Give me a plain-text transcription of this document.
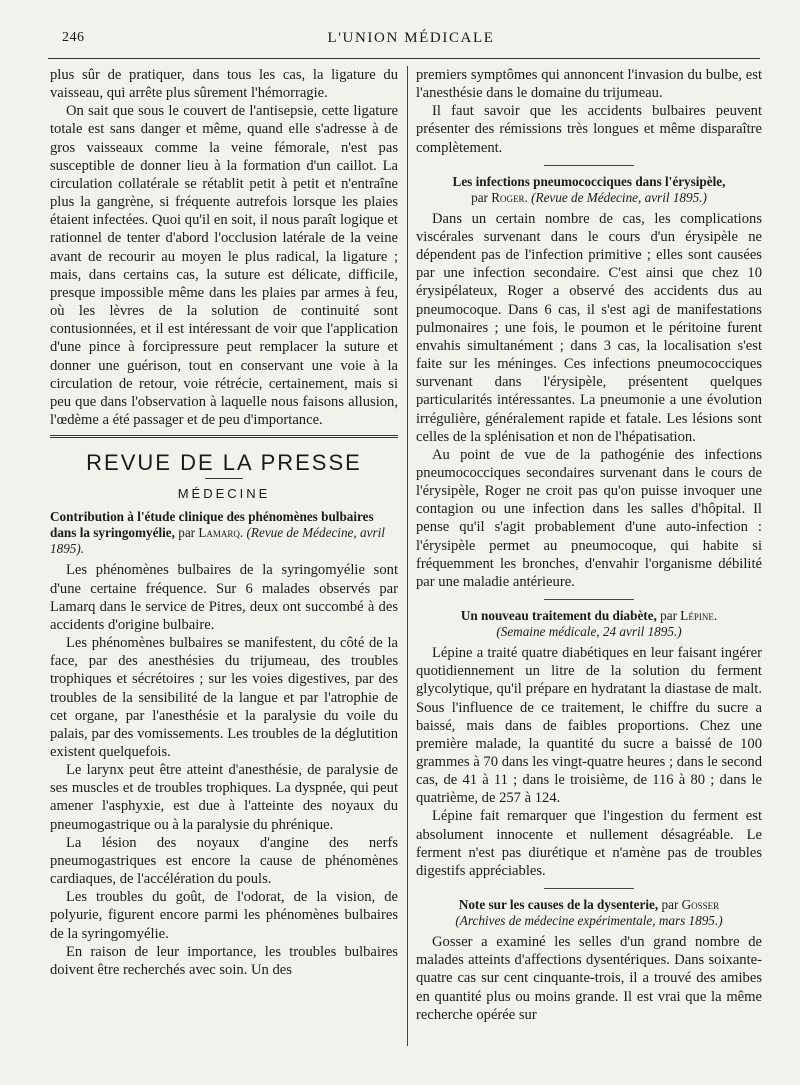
246	L'UNION MÉDICALE

plus sûr de pratiquer, dans tous les cas, la ligature du vaisseau, qui arrête plus sûrement l'hémorragie.

On sait que sous le couvert de l'antisepsie, cette ligature totale est sans danger et même, quand elle s'adresse à de gros vaisseaux comme la veine fémorale, n'est pas susceptible de donner lieu à la formation d'un caillot. La circulation collatérale se rétablit petit à petit et n'entraîne plus la gangrène, si fréquente autrefois lorsque les plaies étaient infectées. Quoi qu'il en soit, il nous paraît logique et rationnel de tenter d'abord l'occlusion latérale de la veine avant de recourir au moyen le plus radical, la ligature ; mais, dans certains cas, la suture est délicate, difficile, presque impossible même dans les plaies par armes à feu, où les lèvres de la solution de continuité sont contusionnées, et il est intéressant de voir que l'application d'une pince à forcipressure peut remplacer la suture et donner une guérison, tout en conservant une voie à la circulation de retour, voie rétrécie, certainement, mais si peu que dans l'observation à laquelle nous faisons allusion, l'œdème a été passager et de peu d'importance.

REVUE DE LA PRESSE
MÉDECINE
Contribution à l'étude clinique des phénomènes bulbaires dans la syringomyélie, par Lamarq. (Revue de Médecine, avril 1895).

Les phénomènes bulbaires de la syringomyélie sont d'une certaine fréquence. Sur 6 malades observés par Lamarq dans le service de Pitres, deux ont succombé à des accidents d'origine bulbaire.

Les phénomènes bulbaires se manifestent, du côté de la face, par des anesthésies du trijumeau, des troubles trophiques et sécrétoires ; sur les voies digestives, par des troubles de la sensibilité de la langue et par l'atrophie de cet organe, par l'anesthésie et la paralysie du voile du palais, par des vomissements. Les troubles de la déglutition existent quelquefois.

Le larynx peut être atteint d'anesthésie, de paralysie de ses muscles et de troubles trophiques. La dyspnée, qui peut amener l'asphyxie, est due à l'atteinte des noyaux du pneumogastrique ou à la paralysie du phrénique.

La lésion des noyaux d'angine des nerfs pneumogastriques est encore la cause de phénomènes cardiaques, de l'accélération du pouls.

Les troubles du goût, de l'odorat, de la vision, de polyurie, figurent encore parmi les phénomènes bulbaires de la syringomyélie.

En raison de leur importance, les troubles bulbaires doivent être recherchés avec soin. Un des

premiers symptômes qui annoncent l'invasion du bulbe, est l'anesthésie dans le domaine du trijumeau.

Il faut savoir que les accidents bulbaires peuvent présenter des rémissions très longues et même disparaître complètement.

Les infections pneumococciques dans l'érysipèle,
par Roger. (Revue de Médecine, avril 1895.)

Dans un certain nombre de cas, les complications viscérales survenant dans le cours d'un érysipèle ne dépendent pas de l'infection primitive ; elles sont causées par une infection secondaire. C'est ainsi que chez 10 érysipélateux, Roger a observé des accidents dus au pneumocoque. Dans 6 cas, il s'est agi de manifestations pulmonaires ; une fois, le poumon et le péritoine furent envahis simultanément ; dans 3 cas, la localisation s'est faite sur les méninges. Ces infections pneumococciques survenant dans l'érysipèle, présentent quelques particularités intéressantes. La pneumonie a une évolution irrégulière, généralement rapide et fatale. Les lésions sont celles de la splénisation et non de l'hépatisation.

Au point de vue de la pathogénie des infections pneumococciques secondaires survenant dans le cours de l'érysipèle, Roger ne croit pas qu'on puisse invoquer une contagion ou une infection dans les salles d'hôpital. Il pense qu'il s'agit probablement d'une auto-infection : l'érysipèle permet au pneumocoque, qui habite si fréquemment les bronches, d'envahir l'organisme débilité par une maladie antérieure.

Un nouveau traitement du diabète, par Lépine.
(Semaine médicale, 24 avril 1895.)

Lépine a traité quatre diabétiques en leur faisant ingérer quotidiennement un litre de la solution du ferment glycolytique, qu'il prépare en hydratant la diastase de malt. Sous l'influence de ce traitement, le chiffre du sucre a baissé, mais dans de faibles proportions. Chez une première malade, la quantité du sucre a baissé de 100 grammes à 70 dans les vingt-quatre heures ; dans le second cas, de 41 à 11 ; dans le troisième, de 116 à 80 ; dans le quatrième, de 257 à 124.

Lépine fait remarquer que l'ingestion du ferment est absolument innocente et nullement désagréable. Le ferment n'est pas diurétique et n'amène pas de troubles digestifs appréciables.

Note sur les causes de la dysenterie, par Gosser
(Archives de médecine expérimentale, mars 1895.)

Gosser a examiné les selles d'un grand nombre de malades atteints d'affections dysentériques. Dans soixante-quatre cas sur cent cinquante-trois, il a trouvé des amibes en quantité plus ou moins grande. Il est vrai que la même recherche opérée sur
